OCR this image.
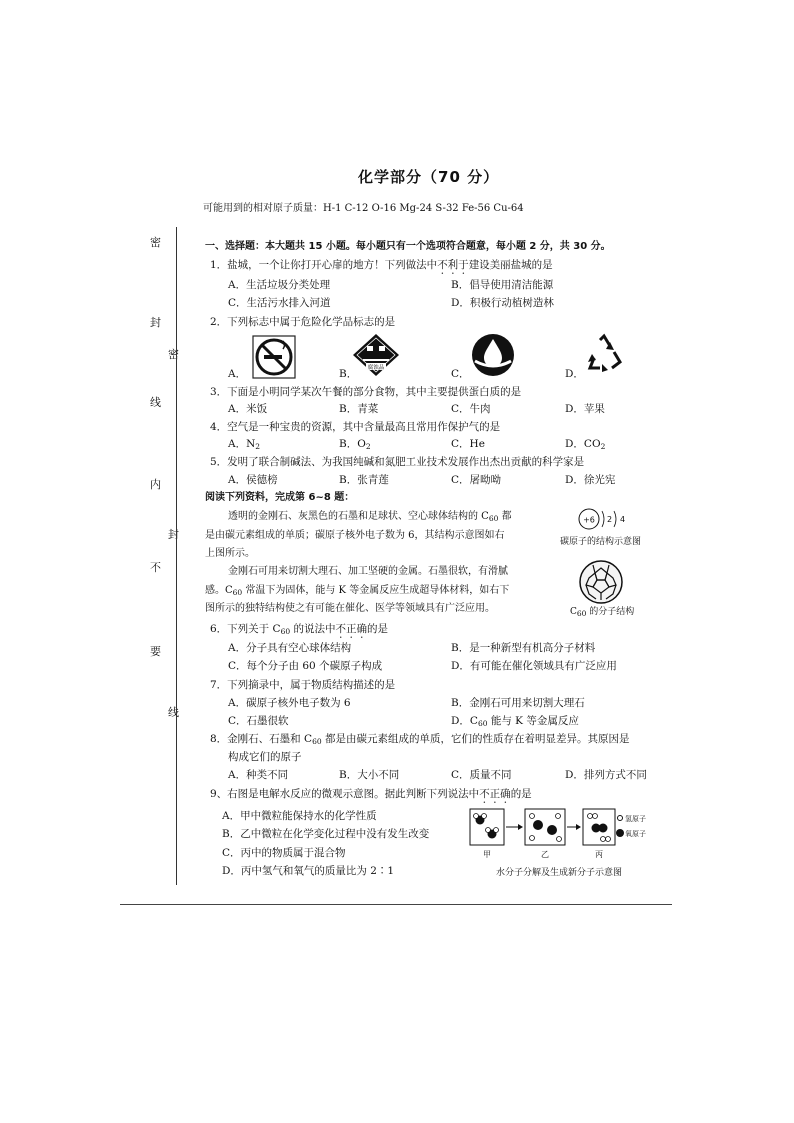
化学部分（70 分）
可能用到的相对原子质量：H-1 C-12 O-16 Mg-24 S-32 Fe-56 Cu-64
密
封
线
内
不
要
密
封
线
一、选择题：本大题共 15 小题。每小题只有一个选项符合题意，每小题 2 分，共 30 分。
1．盐城，一个让你打开心扉的地方！下列做法中不利于建设美丽盐城的是
A．生活垃圾分类处理	B．倡导使用清洁能源
C．生活污水排入河道	D．积极行动植树造林
2．下列标志中属于危险化学品标志的是
A．	B．	C．	D．
腐蚀品
3．下面是小明同学某次午餐的部分食物，其中主要提供蛋白质的是
A．米饭	B．青菜	C．牛肉	D．苹果
4．空气是一种宝贵的资源，其中含量最高且常用作保护气的是
A．$N_2$	B．$O_2$	C．He	D．$CO_2$
5．发明了联合制碱法、为我国纯碱和氮肥工业技术发展作出杰出贡献的科学家是
A．侯德榜	B．张青莲	C．屠呦呦	D．徐光宪
阅读下列资料，完成第 6~8 题：
透明的金刚石、灰黑色的石墨和足球状、空心球体结构的 $C_{60}$ 都
是由碳元素组成的单质；碳原子核外电子数为 6，其结构示意图如右
上图所示。
金刚石可用来切割大理石、加工坚硬的金属。石墨很软，有滑腻
感。$C_{60}$ 常温下为固体，能与 K 等金属反应生成超导体材料，如右下
图所示的独特结构使之有可能在催化、医学等领域具有广泛应用。
+6 2 4
碳原子的结构示意图
$C_{60}$ 的分子结构
6．下列关于 $C_{60}$ 的说法中不正确的是
A．分子具有空心球体结构	B．是一种新型有机高分子材料
C．每个分子由 60 个碳原子构成	D．有可能在催化领域具有广泛应用
7．下列摘录中，属于物质结构描述的是
A．碳原子核外电子数为 6	B．金刚石可用来切割大理石
C．石墨很软	D．$C_{60}$ 能与 K 等金属反应
8．金刚石、石墨和 $C_{60}$ 都是由碳元素组成的单质，它们的性质存在着明显差异。其原因是
构成它们的原子
A．种类不同	B．大小不同	C．质量不同	D．排列方式不同
9、右图是电解水反应的微观示意图。据此判断下列说法中不正确的是
A．甲中微粒能保持水的化学性质
B．乙中微粒在化学变化过程中没有发生改变
C．丙中的物质属于混合物
D．丙中氢气和氧气的质量比为 2∶1
甲	乙	丙
氢原子
氧原子
水分子分解及生成新分子示意图
